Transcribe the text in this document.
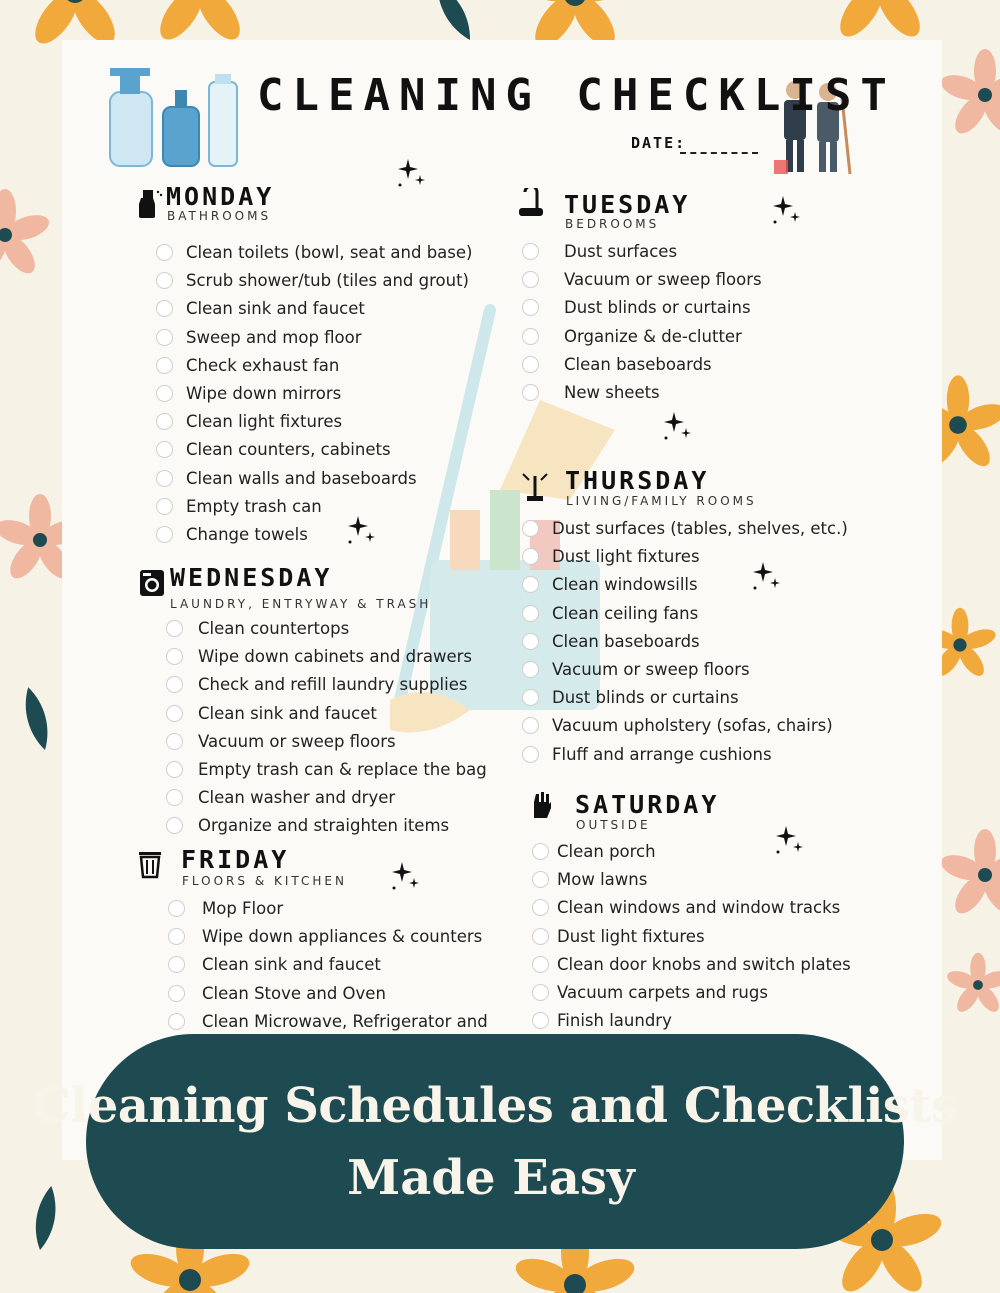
CLEANING CHECKLIST
DATE:
MONDAY
BATHROOMS
Clean toilets (bowl, seat and base)
Scrub shower/tub (tiles and grout)
Clean sink and faucet
Sweep and mop floor
Check exhaust fan
Wipe down mirrors
Clean light fixtures
Clean counters, cabinets
Clean walls and baseboards
Empty trash can
Change towels
TUESDAY
BEDROOMS
Dust surfaces
Vacuum or sweep floors
Dust blinds or curtains
Organize & de-clutter
Clean baseboards
New sheets
WEDNESDAY
LAUNDRY, ENTRYWAY & TRASH
Clean countertops
Wipe down cabinets and drawers
Check and refill laundry supplies
Clean sink and faucet
Vacuum or sweep floors
Empty trash can & replace the bag
Clean washer and dryer
Organize and straighten items
THURSDAY
LIVING/FAMILY ROOMS
Dust surfaces (tables, shelves, etc.)
Dust light fixtures
Clean windowsills
Clean ceiling fans
Clean baseboards
Vacuum or sweep floors
Dust blinds or curtains
Vacuum upholstery (sofas, chairs)
Fluff and arrange cushions
FRIDAY
FLOORS & KITCHEN
Mop Floor
Wipe down appliances & counters
Clean sink and faucet
Clean Stove and Oven
Clean Microwave, Refrigerator and
SATURDAY
OUTSIDE
Clean porch
Mow lawns
Clean windows and window tracks
Dust light fixtures
Clean door knobs and switch plates
Vacuum carpets and rugs
Finish laundry
Cleaning Schedules and Checklists
Made Easy
